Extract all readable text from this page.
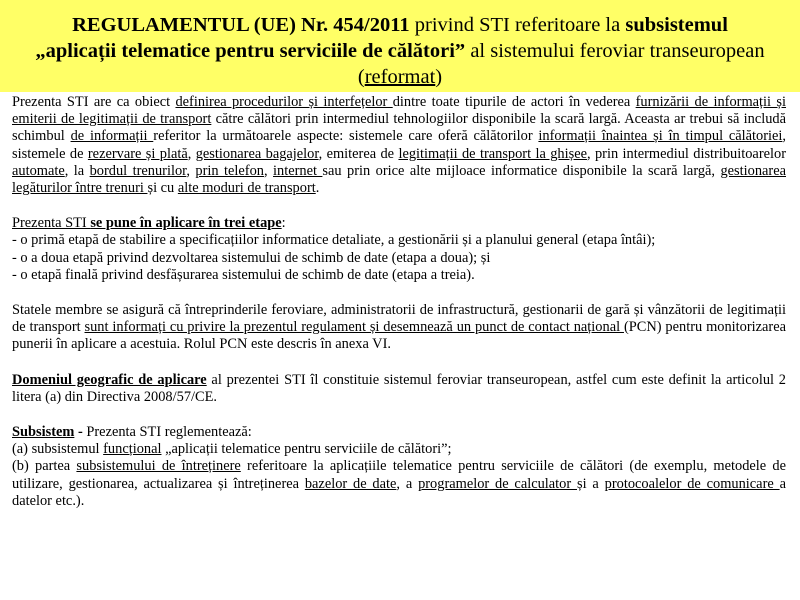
REGULAMENTUL (UE) Nr. 454/2011 privind STI referitoare la subsistemul
„aplicații telematice pentru serviciile de călători” al sistemului feroviar transeuropean (reformat)

Prezenta STI are ca obiect definirea procedurilor și interfețelor dintre toate tipurile de actori în vederea furnizării de informații și emiterii de legitimații de transport către călători prin intermediul tehnologiilor disponibile la scară largă. Aceasta ar trebui să includă schimbul de informații referitor la următoarele aspecte: sistemele care oferă călătorilor informații înaintea și în timpul călătoriei, sistemele de rezervare și plată, gestionarea bagajelor, emiterea de legitimații de transport la ghișee, prin intermediul distribuitoarelor automate, la bordul trenurilor, prin telefon, internet sau prin orice alte mijloace informatice disponibile la scară largă, gestionarea legăturilor între trenuri și cu alte moduri de transport.

Prezenta STI se pune în aplicare în trei etape:

- o primă etapă de stabilire a specificațiilor informatice detaliate, a gestionării și a planului general (etapa întâi);

- o a doua etapă privind dezvoltarea sistemului de schimb de date (etapa a doua); și

- o etapă finală privind desfășurarea sistemului de schimb de date (etapa a treia).

Statele membre se asigură că întreprinderile feroviare, administratorii de infrastructură, gestionarii de gară și vânzătorii de legitimații de transport sunt informați cu privire la prezentul regulament și desemnează un punct de contact național (PCN) pentru monitorizarea punerii în aplicare a acestuia. Rolul PCN este descris în anexa VI.

Domeniul geografic de aplicare al prezentei STI îl constituie sistemul feroviar transeuropean, astfel cum este definit la articolul 2 litera (a) din Directiva 2008/57/CE.

Subsistem - Prezenta STI reglementează:

(a) subsistemul funcțional „aplicații telematice pentru serviciile de călători”;

(b) partea subsistemului de întreținere referitoare la aplicațiile telematice pentru serviciile de călători (de exemplu, metodele de utilizare, gestionarea, actualizarea și întreținerea bazelor de date, a programelor de calculator și a protocoalelor de comunicare a datelor etc.).
